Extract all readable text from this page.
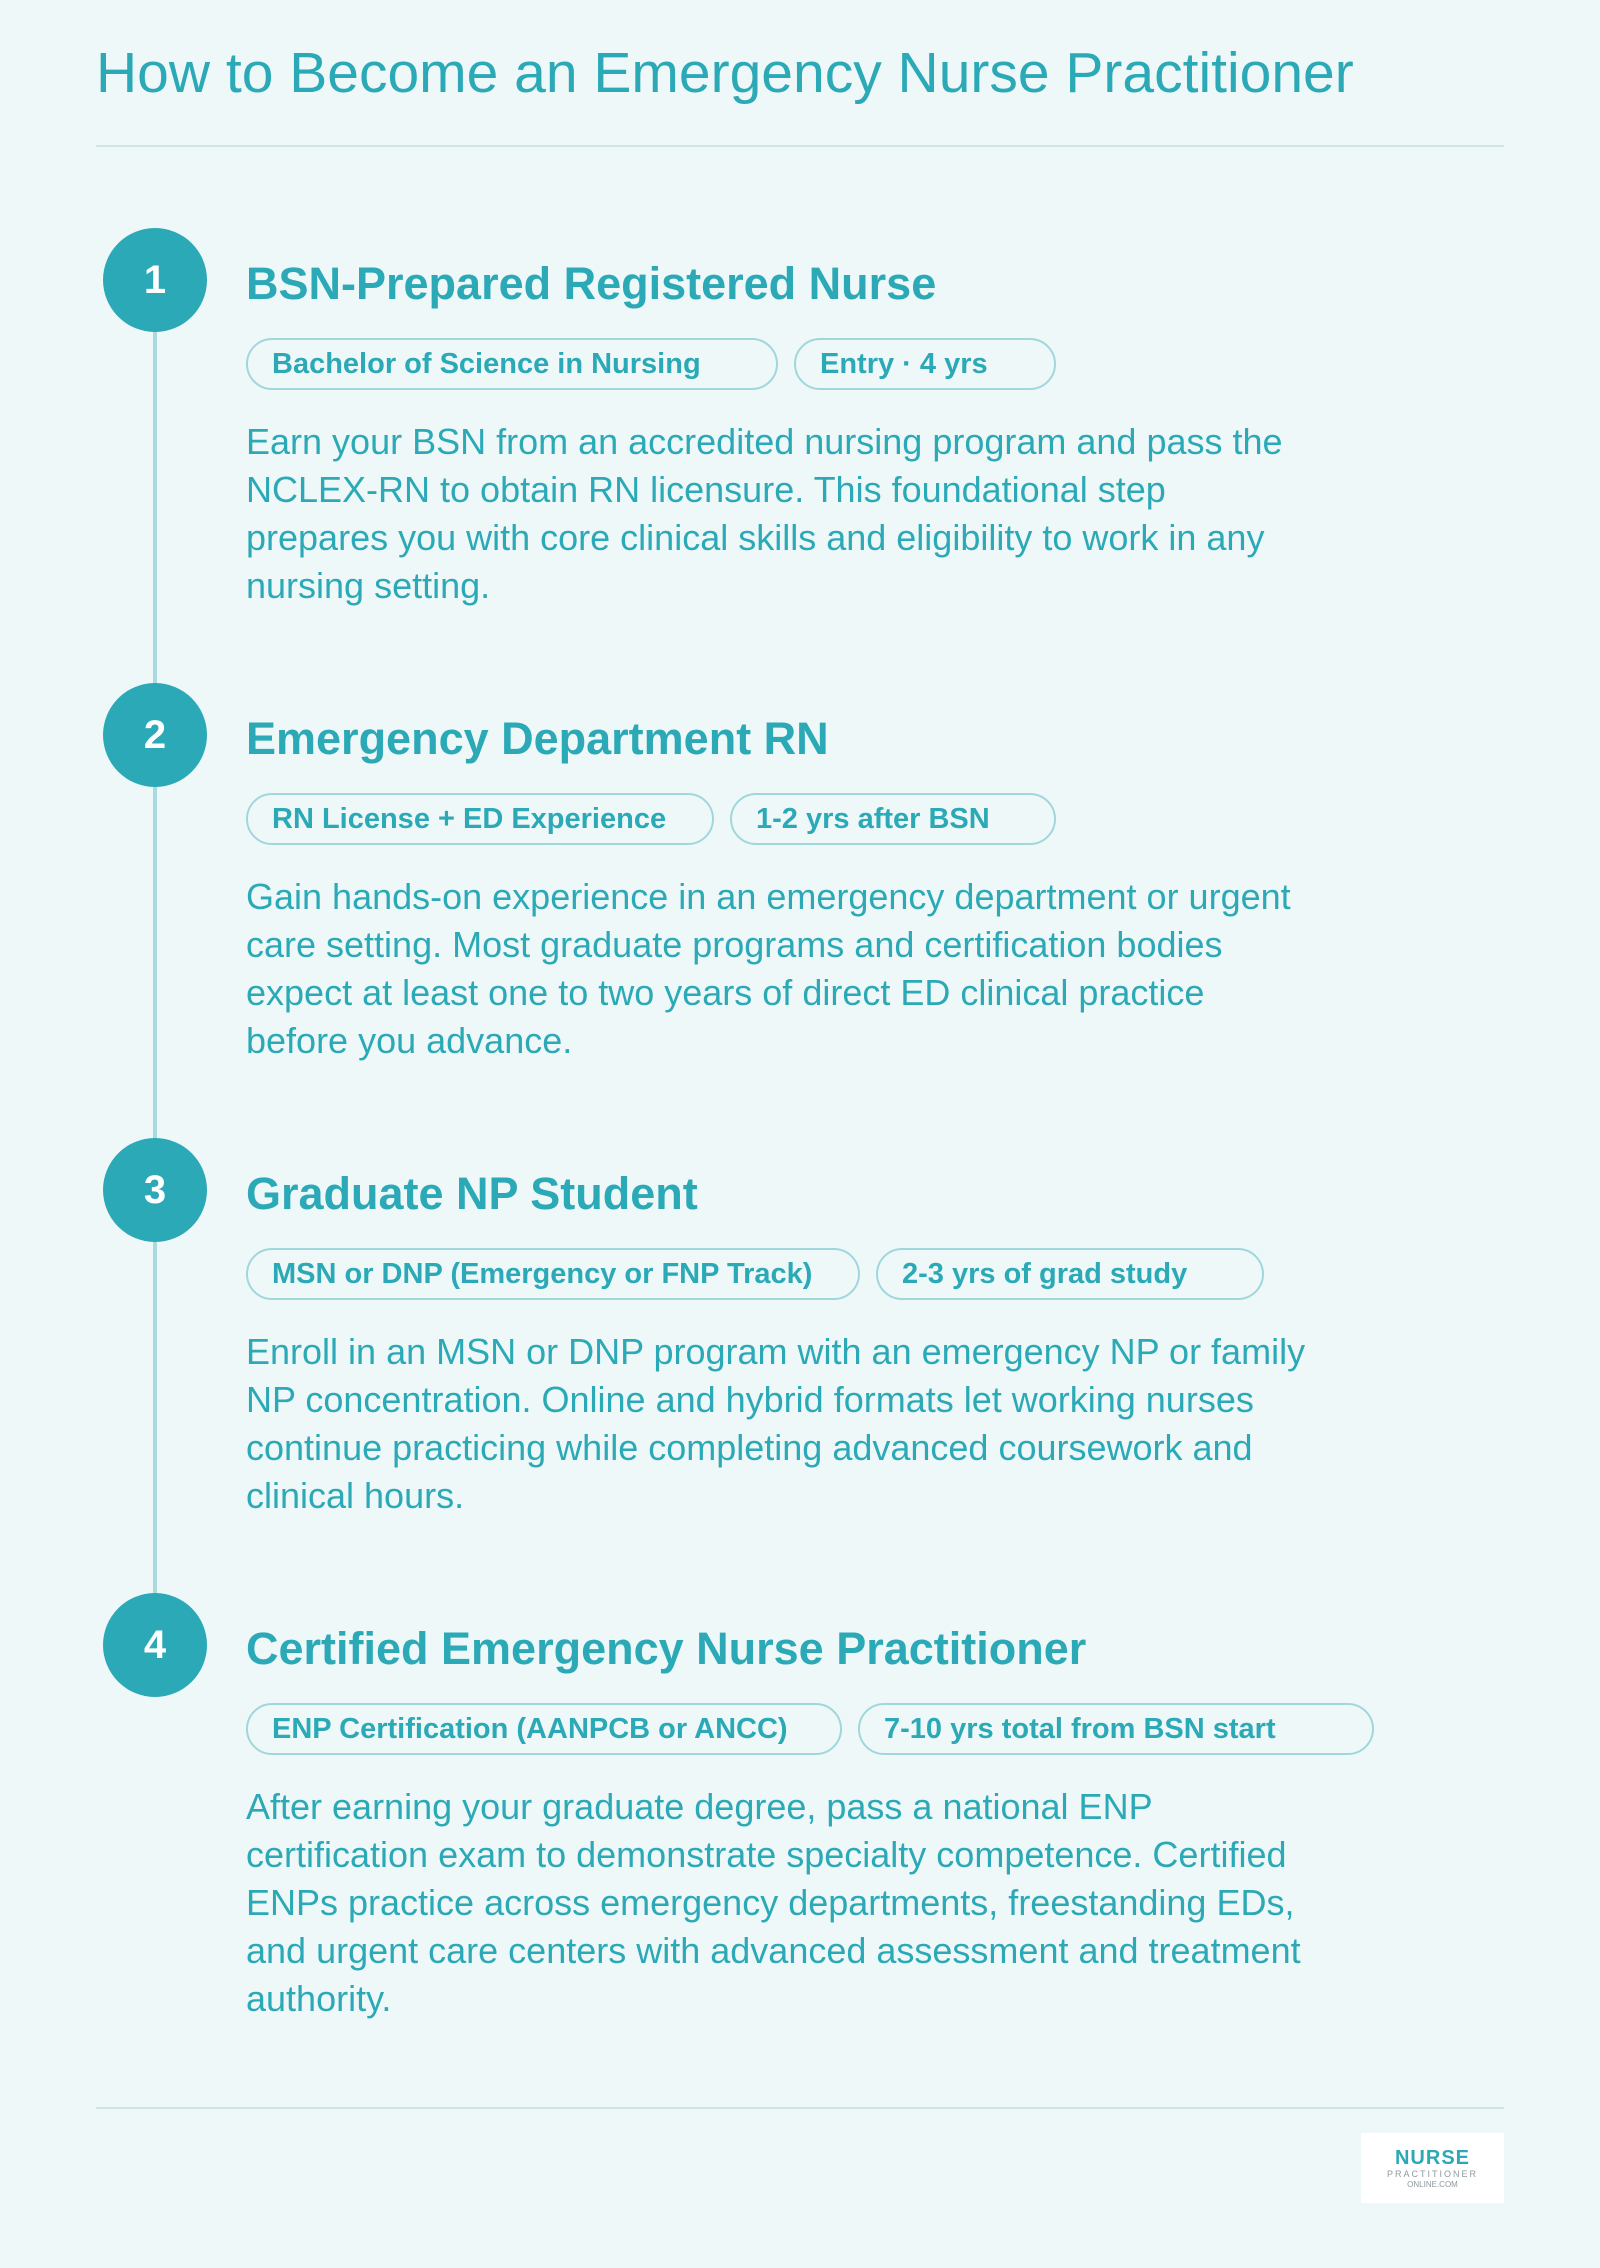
How to Become an Emergency Nurse Practitioner
1	BSN-Prepared Registered Nurse
Bachelor of Science in Nursing	Entry · 4 yrs

Earn your BSN from an accredited nursing program and pass the NCLEX-RN to obtain RN licensure. This foundational step prepares you with core clinical skills and eligibility to work in any nursing setting.

2	Emergency Department RN
RN License + ED Experience	1-2 yrs after BSN

Gain hands-on experience in an emergency department or urgent care setting. Most graduate programs and certification bodies expect at least one to two years of direct ED clinical practice before you advance.

3	Graduate NP Student
MSN or DNP (Emergency or FNP Track)	2-3 yrs of grad study

Enroll in an MSN or DNP program with an emergency NP or family NP concentration. Online and hybrid formats let working nurses continue practicing while completing advanced coursework and clinical hours.

4	Certified Emergency Nurse Practitioner
ENP Certification (AANPCB or ANCC)	7-10 yrs total from BSN start

After earning your graduate degree, pass a national ENP certification exam to demonstrate specialty competence. Certified ENPs practice across emergency departments, freestanding EDs, and urgent care centers with advanced assessment and treatment authority.

NURSE
PRACTITIONER
ONLINE.COM
